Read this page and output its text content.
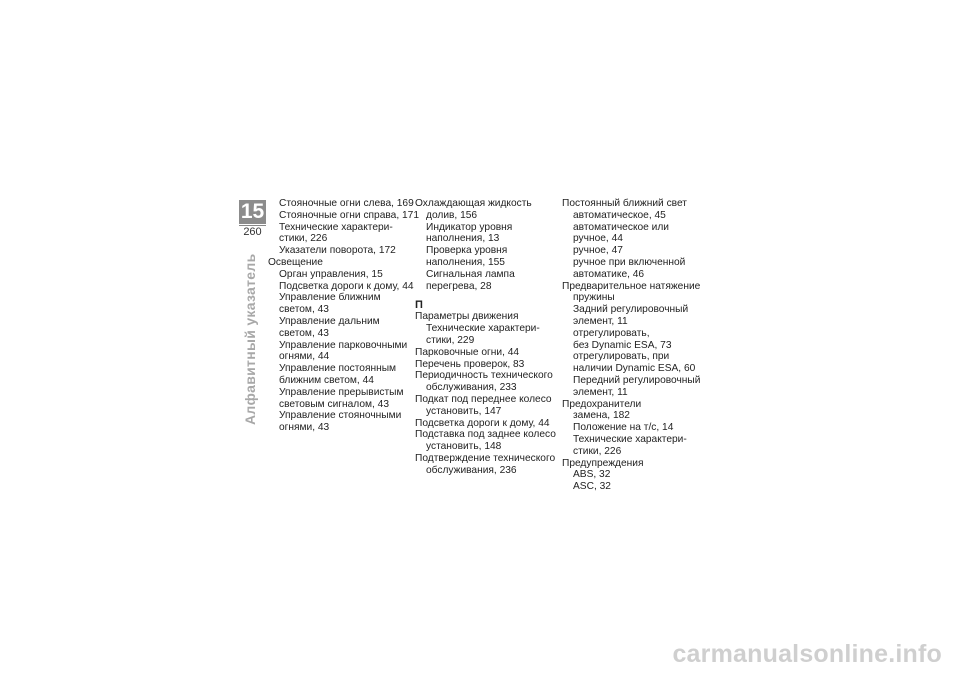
15
260
Алфавитный указатель
Стояночные огни слева, 169
Стояночные огни справа, 171
Технические характери-
стики, 226
Указатели поворота, 172
Освещение
Орган управления, 15
Подсветка дороги к дому, 44
Управление ближним
светом, 43
Управление дальним
светом, 43
Управление парковочными
огнями, 44
Управление постоянным
ближним светом, 44
Управление прерывистым
световым сигналом, 43
Управление стояночными
огнями, 43
Охлаждающая жидкость
долив, 156
Индикатор уровня
наполнения, 13
Проверка уровня
наполнения, 155
Сигнальная лампа
перегрева, 28
П
Параметры движения
Технические характери-
стики, 229
Парковочные огни, 44
Перечень проверок, 83
Периодичность технического
обслуживания, 233
Подкат под переднее колесо
установить, 147
Подсветка дороги к дому, 44
Подставка под заднее колесо
установить, 148
Подтверждение технического
обслуживания, 236
Постоянный ближний свет
автоматическое, 45
автоматическое или
ручное, 44
ручное, 47
ручное при включенной
автоматике, 46
Предварительное натяжение
пружины
Задний регулировочный
элемент, 11
отрегулировать,
без Dynamic ESA, 73
отрегулировать, при
наличии Dynamic ESA, 60
Передний регулировочный
элемент, 11
Предохранители
замена, 182
Положение на т/с, 14
Технические характери-
стики, 226
Предупреждения
ABS, 32
ASC, 32
carmanualsonline.info
